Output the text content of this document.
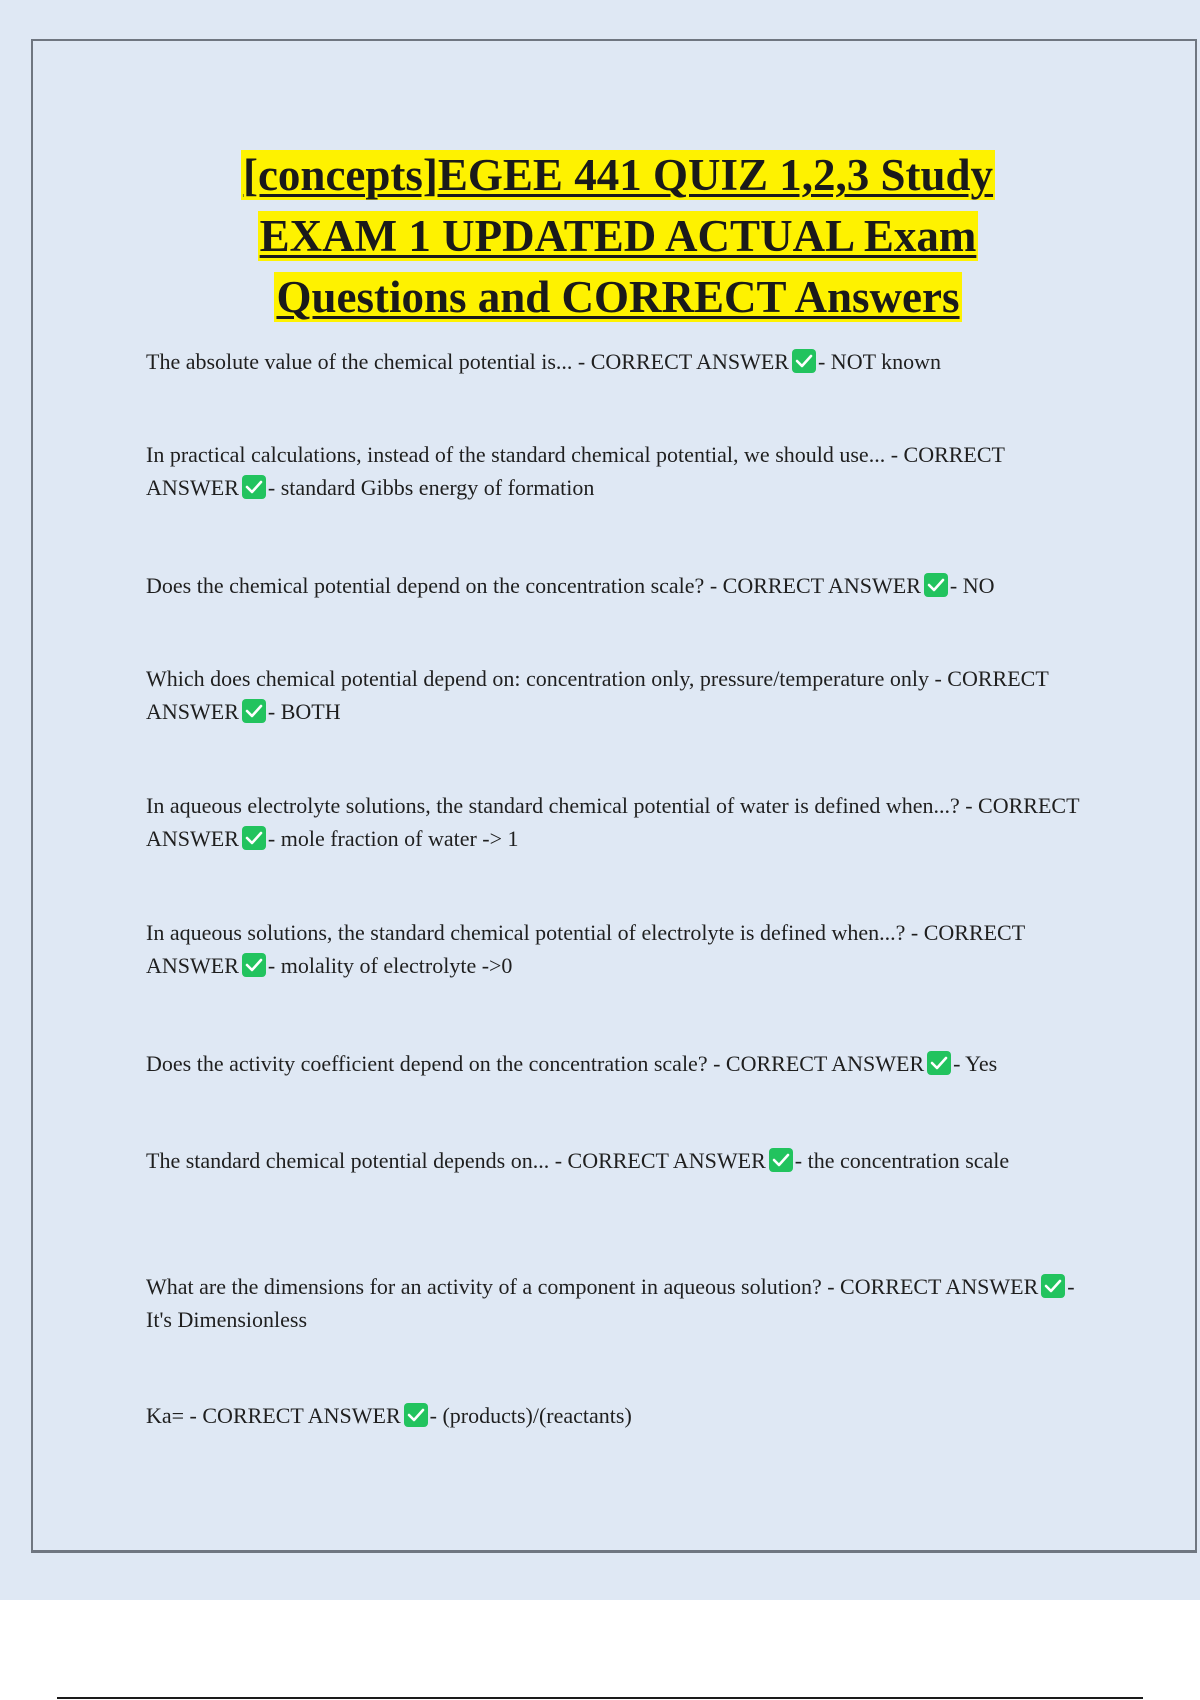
[concepts]EGEE 441 QUIZ 1,2,3 Study
EXAM 1 UPDATED ACTUAL Exam
Questions and CORRECT Answers
The absolute value of the chemical potential is... - CORRECT ANSWER - NOT known
In practical calculations, instead of the standard chemical potential, we should use... - CORRECT ANSWER - standard Gibbs energy of formation
Does the chemical potential depend on the concentration scale? - CORRECT ANSWER - NO
Which does chemical potential depend on: concentration only, pressure/temperature only - CORRECT ANSWER - BOTH
In aqueous electrolyte solutions, the standard chemical potential of water is defined when...? - CORRECT ANSWER - mole fraction of water -> 1
In aqueous solutions, the standard chemical potential of electrolyte is defined when...? - CORRECT ANSWER - molality of electrolyte ->0
Does the activity coefficient depend on the concentration scale? - CORRECT ANSWER - Yes
The standard chemical potential depends on... - CORRECT ANSWER - the concentration scale
What are the dimensions for an activity of a component in aqueous solution? - CORRECT ANSWER - It's Dimensionless
Ka= - CORRECT ANSWER - (products)/(reactants)
